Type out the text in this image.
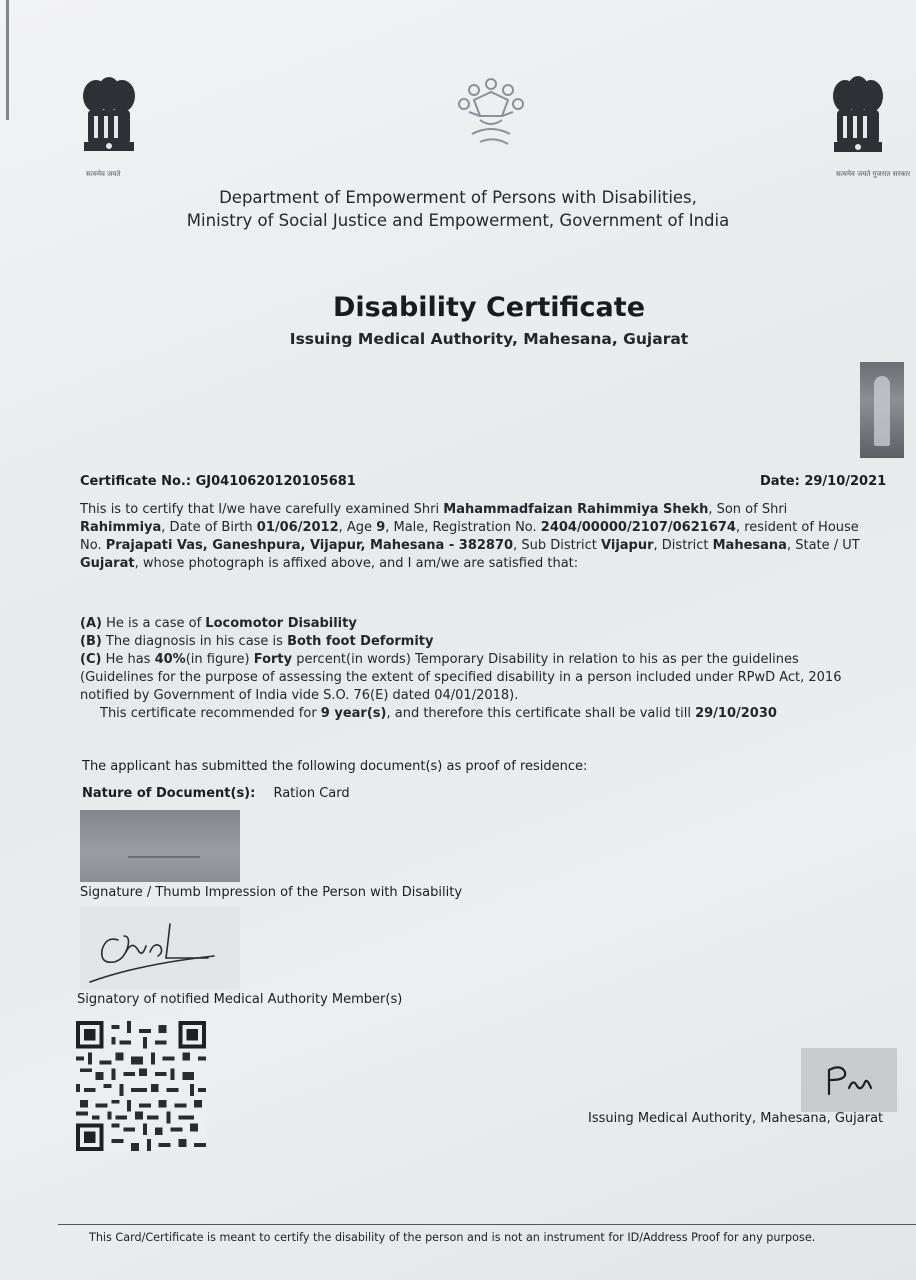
सत्यमेव जयते	सत्यमेव जयते गुजरात सरकार
Department of Empowerment of Persons with Disabilities,
Ministry of Social Justice and Empowerment, Government of India
Disability Certificate
Issuing Medical Authority, Mahesana, Gujarat
Certificate No.: GJ0410620120105681	Date: 29/10/2021
This is to certify that I/we have carefully examined Shri Mahammadfaizan Rahimmiya Shekh, Son of Shri
Rahimmiya, Date of Birth 01/06/2012, Age 9, Male, Registration No. 2404/00000/2107/0621674, resident of House
No. Prajapati Vas, Ganeshpura, Vijapur, Mahesana - 382870, Sub District Vijapur, District Mahesana, State / UT
Gujarat, whose photograph is affixed above, and I am/we are satisfied that:
(A) He is a case of Locomotor Disability
(B) The diagnosis in his case is Both foot Deformity
(C) He has 40%(in figure) Forty percent(in words) Temporary Disability in relation to his as per the guidelines
(Guidelines for the purpose of assessing the extent of specified disability in a person included under RPwD Act, 2016
notified by Government of India vide S.O. 76(E) dated 04/01/2018).
This certificate recommended for 9 year(s), and therefore this certificate shall be valid till 29/10/2030
The applicant has submitted the following document(s) as proof of residence:
Nature of Document(s): Ration Card
Signature / Thumb Impression of the Person with Disability
Signatory of notified Medical Authority Member(s)
Issuing Medical Authority, Mahesana, Gujarat
This Card/Certificate is meant to certify the disability of the person and is not an instrument for ID/Address Proof for any purpose.
